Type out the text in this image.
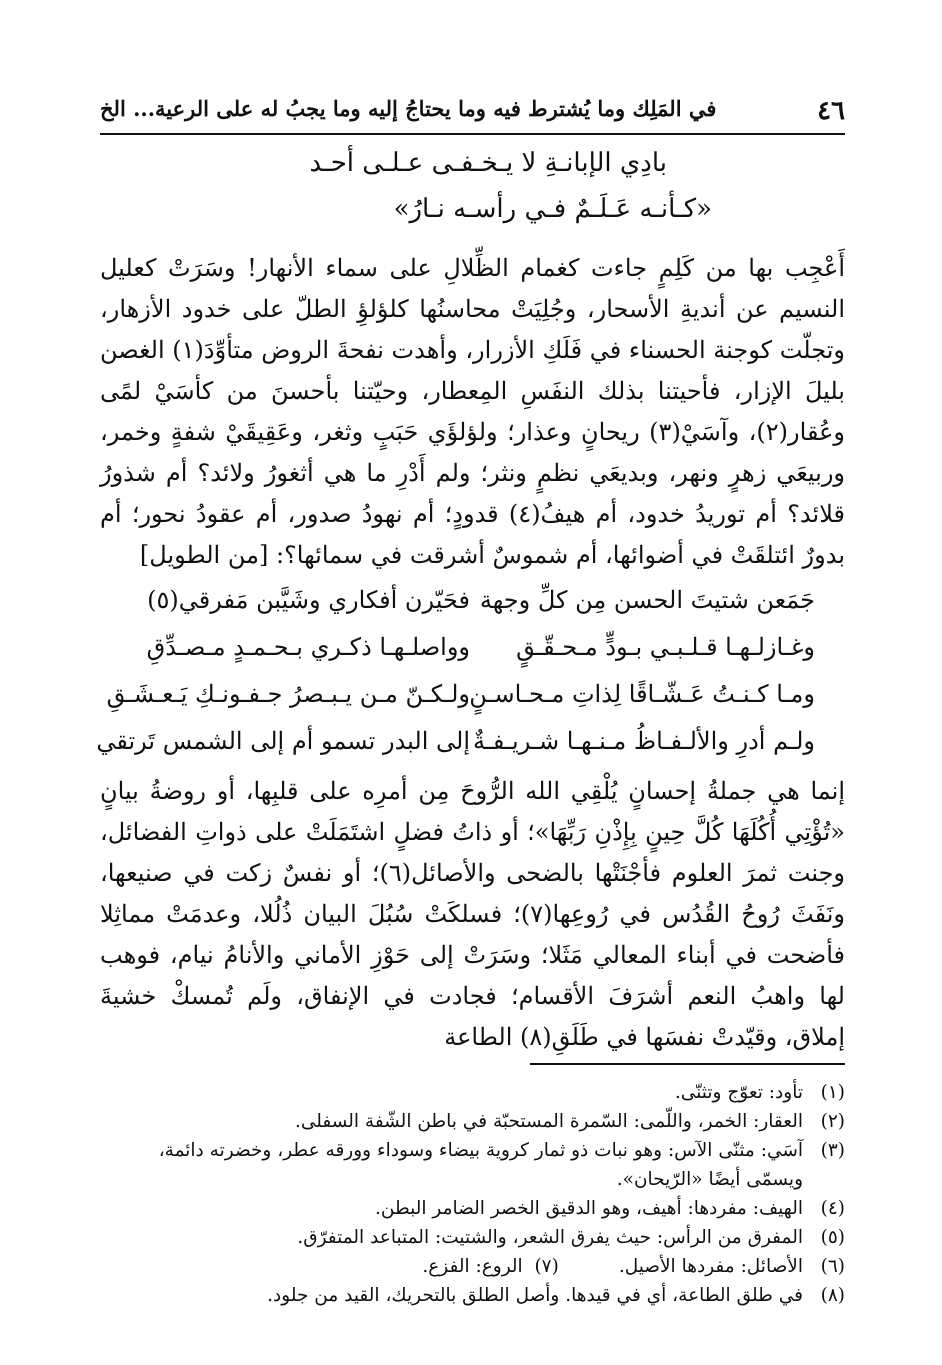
٤٦
في المَلِك وما يُشترط فيه وما يحتاجُ إليه وما يجبُ له على الرعية... الخ
بادِي الإبانـةِ لا يـخـفـى عـلـى أحـد
«كـأنـه عَـلَـمٌ فـي رأسـه نـارُ»
أَعْجِب بها من كَلِمٍ جاءت كغمام الظِّلالِ على سماء الأنهار! وسَرَتْ كعليل النسيم عن أنديةِ الأسحار، وجُلِيَتْ محاسنُها كلؤلؤِ الطلّ على خدود الأزهار، وتجلّت كوجنة الحسناء في فَلَكِ الأزرار، وأهدت نفحةَ الروض متأوِّدَ(١) الغصن بليلَ الإزار، فأحيتنا بذلك النفَسِ المِعطار، وحيّتنا بأحسنَ من كأسَيْ لمًى وعُقار(٢)، وآسَيْ(٣) ريحانٍ وعذار؛ ولؤلؤَي حَبَبٍ وثغر، وعَقِيقَيْ شفةٍ وخمر، وربيعَي زهرٍ ونهر، وبديعَي نظمٍ ونثر؛ ولم أَدْرِ ما هي أثغورُ ولائد؟ أم شذورُ قلائد؟ أم توريدُ خدود، أم هيفُ(٤) قدودٍ؛ أم نهودُ صدور، أم عقودُ نحور؛ أم بدورٌ ائتلقَتْ في أضوائها، أم شموسٌ أشرقت في سمائها؟: [من الطويل]
جَمَعن شتيتَ الحسن مِن كلِّ وجهة
فحَيّرن أفكاري وشَيَّبن مَفرقي(٥)
وغـازلـهـا قـلـبـي بـودٍّ مـحـقّـقٍ
وواصلـهـا ذكـري بـحـمـدٍ مـصـدِّقِ
ومـا كـنـتُ عَـشّـاقًا لِذاتِ مـحـاسـنٍ
ولـكـنّ مـن يـبـصرُ جـفـونـكِ يَـعـشَـقِ
ولـم أدرِ والألـفـاظُ مـنـهـا شـريـفـةٌ
إلى البدر تسمو أم إلى الشمس تَرتقي
إنما هي جملةُ إحسانٍ يُلْقِي الله الرُّوحَ مِن أمرِه على قلبِها، أو روضةُ بيانٍ «تُؤْتِي أُكُلَهَا كُلَّ حِينٍ بِإِذْنِ رَبِّهَا»؛ أو ذاتُ فضلٍ اشتَمَلَتْ على ذواتِ الفضائل، وجنت ثمرَ العلوم فأجْنَتْها بالضحى والأصائل(٦)؛ أو نفسٌ زكت في صنيعها، ونَفَثَ رُوحُ القُدُس في رُوعِها(٧)؛ فسلكَتْ سُبُلَ البيان ذُلُلا، وعدمَتْ مماثِلا فأضحت في أبناء المعالي مَثَلا؛ وسَرَتْ إلى حَوْزِ الأماني والأنامُ نيام، فوهب لها واهبُ النعم أشرَفَ الأقسام؛ فجادت في الإنفاق، ولَم تُمسكْ خشيةَ إملاق، وقيّدتْ نفسَها في طَلَقِ(٨) الطاعة
(١)تأود: تعوّج وتثنّى.
(٢)العقار: الخمر، واللّمى: السّمرة المستحبّة في باطن الشّفة السفلى.
(٣)آسَي: مثنّى الآس: وهو نبات ذو ثمار كروية بيضاء وسوداء وورقه عطر، وخضرته دائمة،
ويسمّى أيضًا «الرّيحان».
(٤)الهيف: مفردها: أهيف، وهو الدقيق الخصر الضامر البطن.
(٥)المفرق من الرأس: حيث يفرق الشعر، والشتيت: المتباعد المتفرّق.
(٦)الأصائل: مفردها الأصيل.(٧)  الروع: الفزع.
(٨)في طلق الطاعة، أي في قيدها. وأصل الطلق بالتحريك، القيد من جلود.
